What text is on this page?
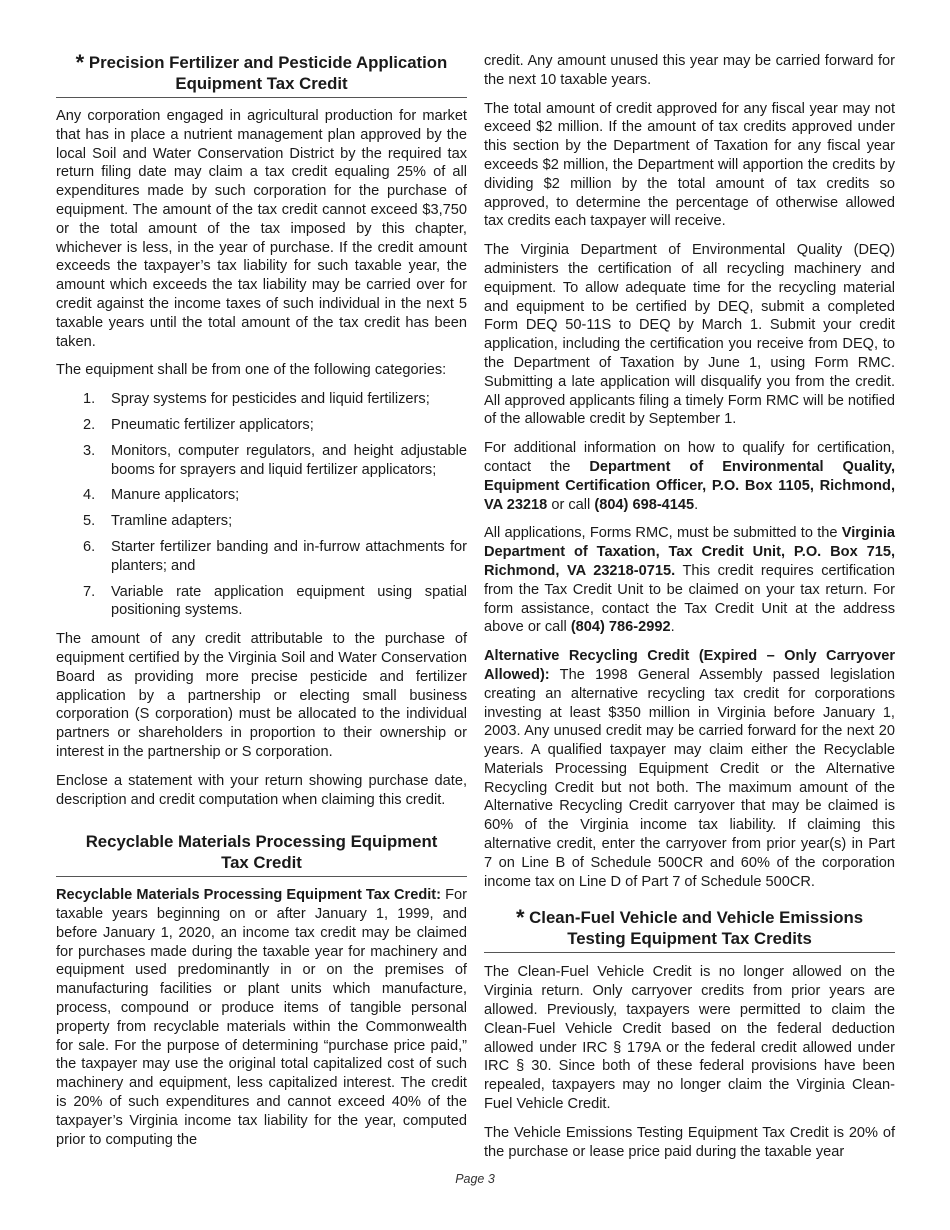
* Precision Fertilizer and Pesticide Application
Equipment Tax Credit

Any corporation engaged in agricultural production for market that has in place a nutrient management plan approved by the local Soil and Water Conservation District by the required tax return filing date may claim a tax credit equaling 25% of all expenditures made by such corporation for the purchase of equipment. The amount of the tax credit cannot exceed $3,750 or the total amount of the tax imposed by this chapter, whichever is less, in the year of purchase. If the credit amount exceeds the taxpayer’s tax liability for such taxable year, the amount which exceeds the tax liability may be carried over for credit against the income taxes of such individual in the next 5 taxable years until the total amount of the tax credit has been taken.

The equipment shall be from one of the following categories:

1.	Spray systems for pesticides and liquid fertilizers;
2.	Pneumatic fertilizer applicators;
3.	Monitors, computer regulators, and height adjustable booms for sprayers and liquid fertilizer applicators;
4.	Manure applicators;
5.	Tramline adapters;
6.	Starter fertilizer banding and in-furrow attachments for planters; and
7.	Variable rate application equipment using spatial positioning systems.

The amount of any credit attributable to the purchase of equipment certified by the Virginia Soil and Water Conservation Board as providing more precise pesticide and fertilizer application by a partnership or electing small business corporation (S corporation) must be allocated to the individual partners or shareholders in proportion to their ownership or interest in the partnership or S corporation.

Enclose a statement with your return showing purchase date, description and credit computation when claiming this credit.

Recyclable Materials Processing Equipment
Tax Credit

Recyclable Materials Processing Equipment Tax Credit: For taxable years beginning on or after January 1, 1999, and before January 1, 2020, an income tax credit may be claimed for purchases made during the taxable year for machinery and equipment used predominantly in or on the premises of manufacturing facilities or plant units which manufacture, process, compound or produce items of tangible personal property from recyclable materials within the Commonwealth for sale. For the purpose of determining “purchase price paid,” the taxpayer may use the original total capitalized cost of such machinery and equipment, less capitalized interest. The credit is 20% of such expenditures and cannot exceed 40% of the taxpayer’s Virginia income tax liability for the year, computed prior to computing the

credit. Any amount unused this year may be carried forward for the next 10 taxable years.

The total amount of credit approved for any fiscal year may not exceed $2 million. If the amount of tax credits approved under this section by the Department of Taxation for any fiscal year exceeds $2 million, the Department will apportion the credits by dividing $2 million by the total amount of tax credits so approved, to determine the percentage of otherwise allowed tax credits each taxpayer will receive.

The Virginia Department of Environmental Quality (DEQ) administers the certification of all recycling machinery and equipment. To allow adequate time for the recycling material and equipment to be certified by DEQ, submit a completed Form DEQ 50-11S to DEQ by March 1. Submit your credit application, including the certification you receive from DEQ, to the Department of Taxation by June 1, using Form RMC. Submitting a late application will disqualify you from the credit. All approved applicants filing a timely Form RMC will be notified of the allowable credit by September 1.

For additional information on how to qualify for certification, contact the Department of Environmental Quality, Equipment Certification Officer, P.O. Box 1105, Richmond, VA 23218 or call (804) 698-4145.

All applications, Forms RMC, must be submitted to the Virginia Department of Taxation, Tax Credit Unit, P.O. Box 715, Richmond, VA 23218-0715. This credit requires certification from the Tax Credit Unit to be claimed on your tax return. For form assistance, contact the Tax Credit Unit at the address above or call (804) 786-2992.

Alternative Recycling Credit (Expired – Only Carryover Allowed): The 1998 General Assembly passed legislation creating an alternative recycling tax credit for corporations investing at least $350 million in Virginia before January 1, 2003. Any unused credit may be carried forward for the next 20 years. A qualified taxpayer may claim either the Recyclable Materials Processing Equipment Credit or the Alternative Recycling Credit but not both. The maximum amount of the Alternative Recycling Credit carryover that may be claimed is 60% of the Virginia income tax liability. If claiming this alternative credit, enter the carryover from prior year(s) in Part 7 on Line B of Schedule 500CR and 60% of the corporation income tax on Line D of Part 7 of Schedule 500CR.

* Clean-Fuel Vehicle and Vehicle Emissions
Testing Equipment Tax Credits

The Clean-Fuel Vehicle Credit is no longer allowed on the Virginia return. Only carryover credits from prior years are allowed. Previously, taxpayers were permitted to claim the Clean-Fuel Vehicle Credit based on the federal deduction allowed under IRC § 179A or the federal credit allowed under IRC § 30. Since both of these federal provisions have been repealed, taxpayers may no longer claim the Virginia Clean-Fuel Vehicle Credit.

The Vehicle Emissions Testing Equipment Tax Credit is 20% of the purchase or lease price paid during the taxable year

Page 3
